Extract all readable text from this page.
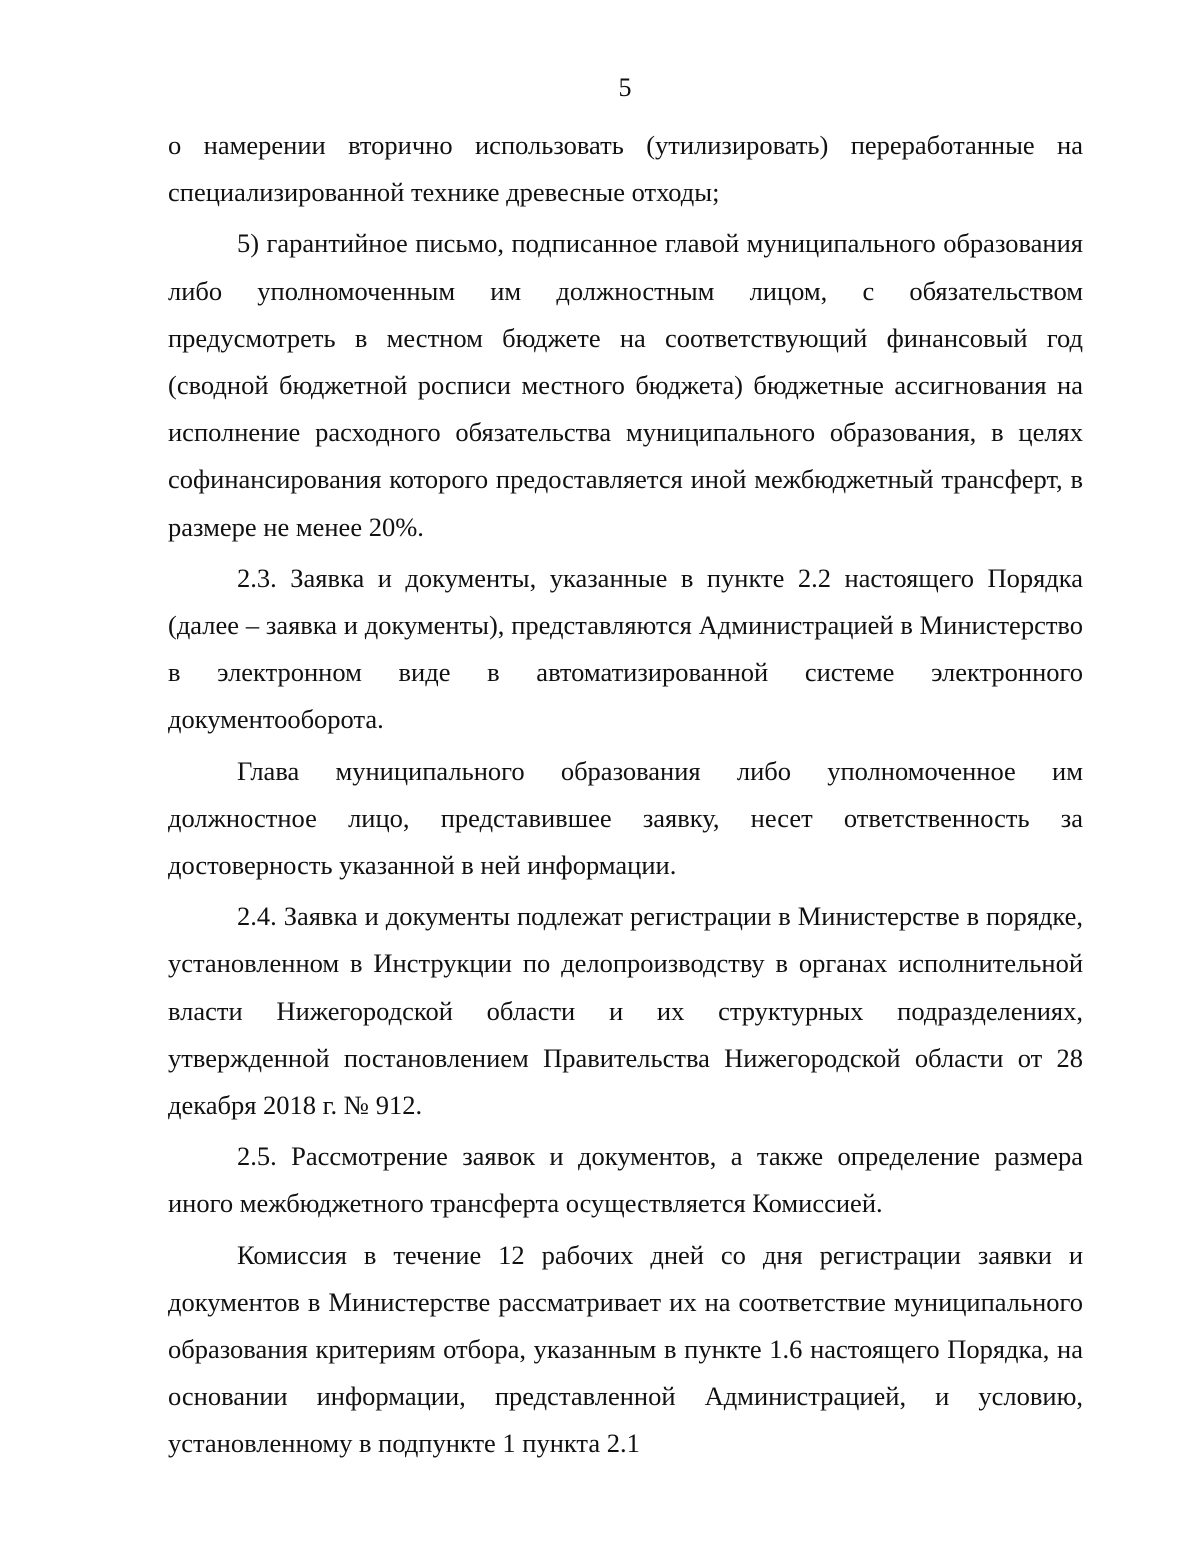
5

о намерении вторично использовать (утилизировать) переработанные на специализированной технике древесные отходы;

5) гарантийное письмо, подписанное главой муниципального образования либо уполномоченным им должностным лицом, с обязательством предусмотреть в местном бюджете на соответствующий финансовый год (сводной бюджетной росписи местного бюджета) бюджетные ассигнования на исполнение расходного обязательства муниципального образования, в целях софинансирования которого предоставляется иной межбюджетный трансферт, в размере не менее 20%.

2.3. Заявка и документы, указанные в пункте 2.2 настоящего Порядка (далее – заявка и документы), представляются Администрацией в Министерство в электронном виде в автоматизированной системе электронного документооборота.

Глава муниципального образования либо уполномоченное им должностное лицо, представившее заявку, несет ответственность за достоверность указанной в ней информации.

2.4. Заявка и документы подлежат регистрации в Министерстве в порядке, установленном в Инструкции по делопроизводству в органах исполнительной власти Нижегородской области и их структурных подразделениях, утвержденной постановлением Правительства Нижегородской области от 28 декабря 2018 г. № 912.

2.5. Рассмотрение заявок и документов, а также определение размера иного межбюджетного трансферта осуществляется Комиссией.

Комиссия в течение 12 рабочих дней со дня регистрации заявки и документов в Министерстве рассматривает их на соответствие муниципального образования критериям отбора, указанным в пункте 1.6 настоящего Порядка, на основании информации, представленной Администрацией, и условию, установленному в подпункте 1 пункта 2.1
